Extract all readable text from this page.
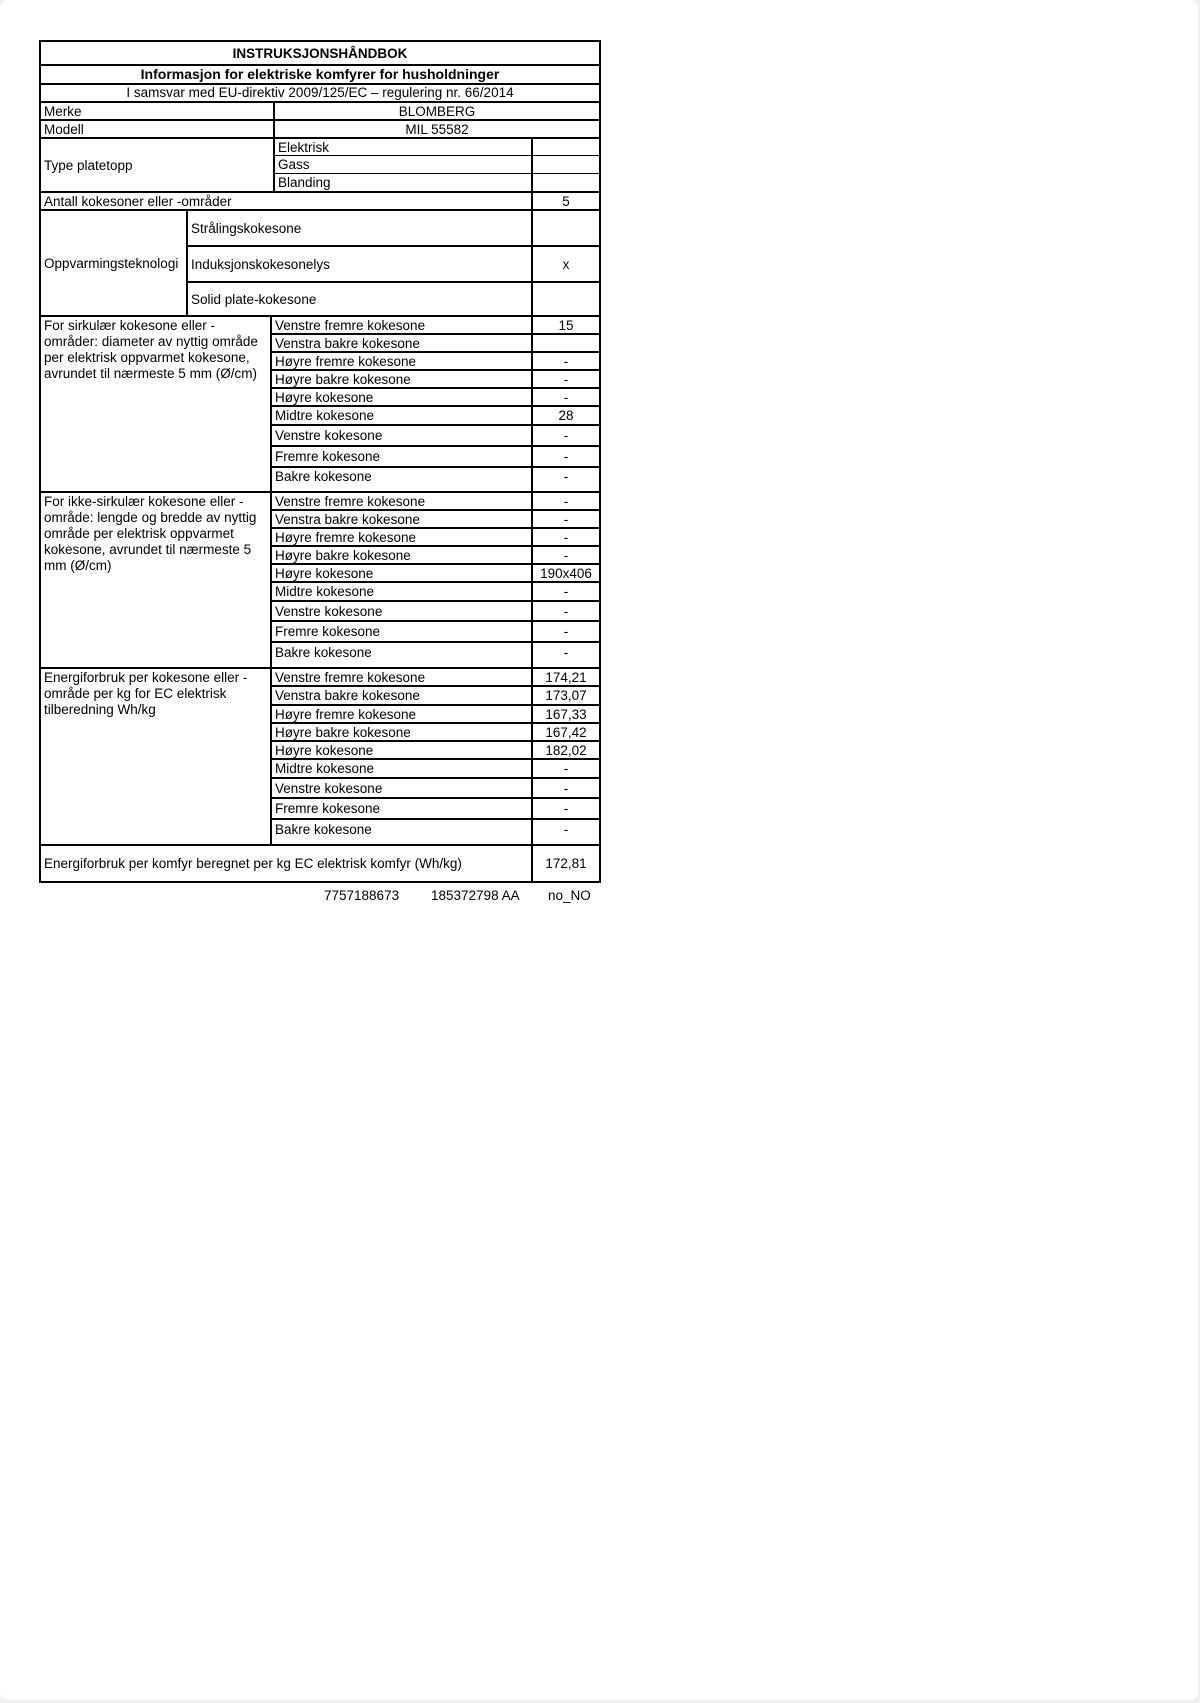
INSTRUKSJONSHÅNDBOK
Informasjon for elektriske komfyrer for husholdninger
I samsvar med EU-direktiv 2009/125/EC – regulering nr. 66/2014
Merke	BLOMBERG
Modell	MIL 55582
Type platetopp
Elektrisk
Gass
Blanding
Antall kokesoner eller -områder	5
Oppvarmingsteknologi
Strålingskokesone
Induksjonskokesonelys	x
Solid plate-kokesone
For sirkulær kokesone eller -områder: diameter av nyttig område per elektrisk oppvarmet kokesone, avrundet til nærmeste 5 mm (Ø/cm)
Venstre fremre kokesone	15
Venstra bakre kokesone
Høyre fremre kokesone	-
Høyre bakre kokesone	-
Høyre kokesone	-
Midtre kokesone	28
Venstre kokesone	-
Fremre kokesone	-
Bakre kokesone	-
For ikke-sirkulær kokesone eller -område: lengde og bredde av nyttig område per elektrisk oppvarmet kokesone, avrundet til nærmeste 5 mm (Ø/cm)
Venstre fremre kokesone	-
Venstra bakre kokesone	-
Høyre fremre kokesone	-
Høyre bakre kokesone	-
Høyre kokesone	190x406
Midtre kokesone	-
Venstre kokesone	-
Fremre kokesone	-
Bakre kokesone	-
Energiforbruk per kokesone eller -område per kg for EC elektrisk tilberedning Wh/kg
Venstre fremre kokesone	174,21
Venstra bakre kokesone	173,07
Høyre fremre kokesone	167,33
Høyre bakre kokesone	167,42
Høyre kokesone	182,02
Midtre kokesone	-
Venstre kokesone	-
Fremre kokesone	-
Bakre kokesone	-
Energiforbruk per komfyr beregnet per kg EC elektrisk komfyr (Wh/kg)	172,81
7757188673 185372798 AA no_NO
